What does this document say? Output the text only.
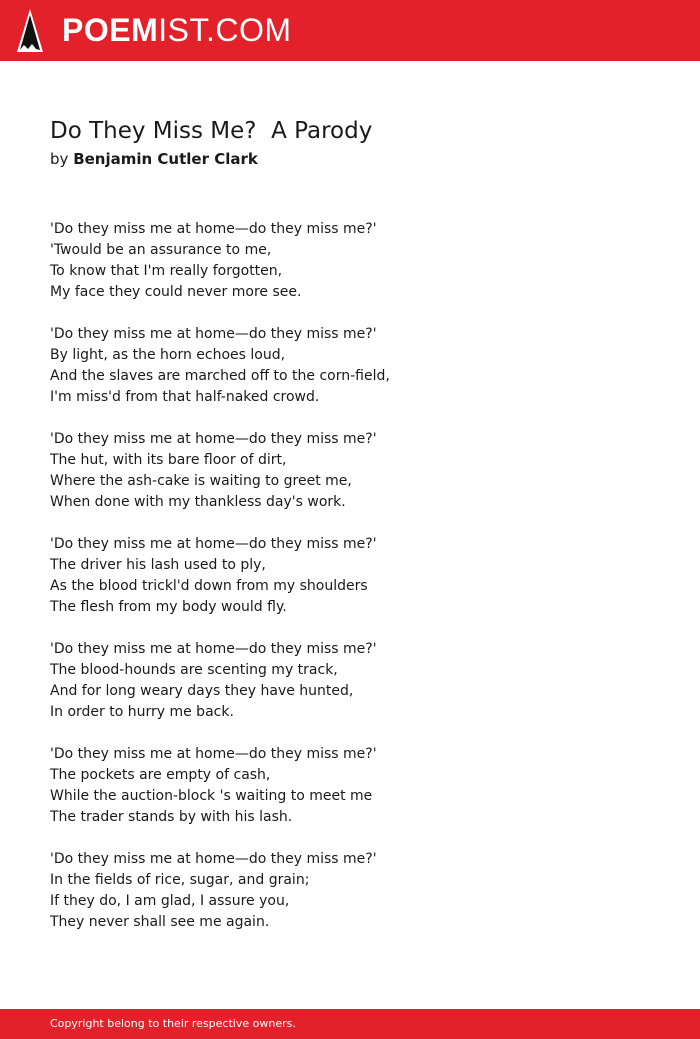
POEMIST.COM
Do They Miss Me?  A Parody
by Benjamin Cutler Clark
'Do they miss me at home—do they miss me?'
'Twould be an assurance to me,
To know that I'm really forgotten,
My face they could never more see.
'Do they miss me at home—do they miss me?'
By light, as the horn echoes loud,
And the slaves are marched off to the corn-field,
I'm miss'd from that half-naked crowd.
'Do they miss me at home—do they miss me?'
The hut, with its bare floor of dirt,
Where the ash-cake is waiting to greet me,
When done with my thankless day's work.
'Do they miss me at home—do they miss me?'
The driver his lash used to ply,
As the blood trickl'd down from my shoulders
The flesh from my body would fly.
'Do they miss me at home—do they miss me?'
The blood-hounds are scenting my track,
And for long weary days they have hunted,
In order to hurry me back.
'Do they miss me at home—do they miss me?'
The pockets are empty of cash,
While the auction-block 's waiting to meet me
The trader stands by with his lash.
'Do they miss me at home—do they miss me?'
In the fields of rice, sugar, and grain;
If they do, I am glad, I assure you,
They never shall see me again.
Copyright belong to their respective owners.
